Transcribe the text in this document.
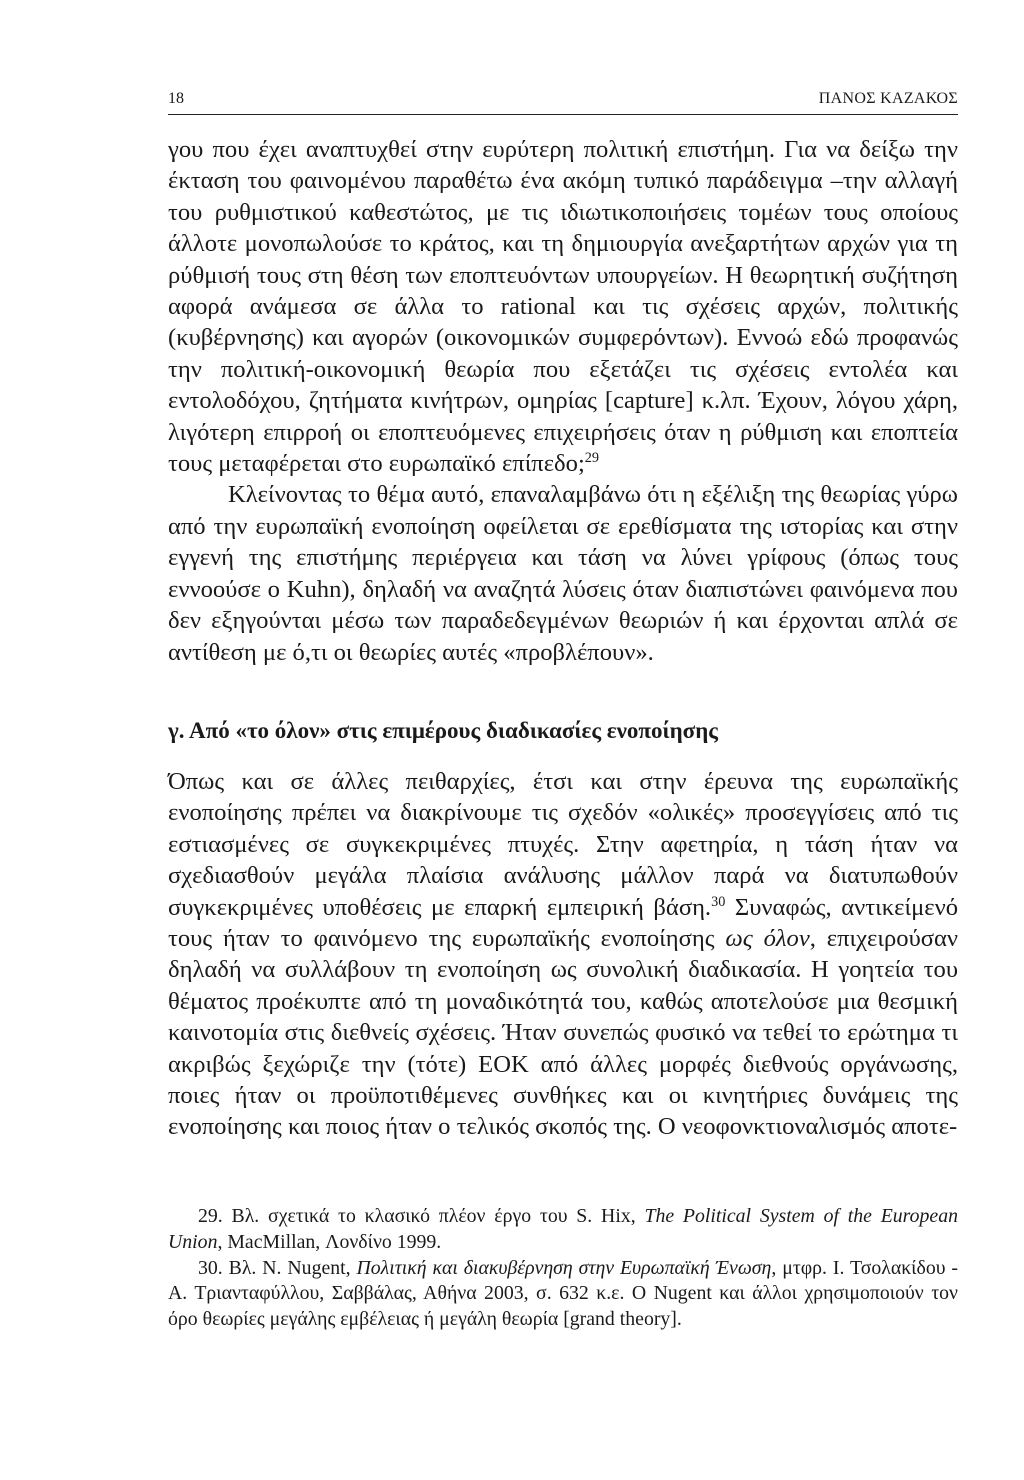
18	ΠΑΝΟΣ ΚΑΖΑΚΟΣ

γου που έχει αναπτυχθεί στην ευρύτερη πολιτική επιστήμη. Για να δείξω την έκταση του φαινομένου παραθέτω ένα ακόμη τυπικό παράδειγμα –την αλλαγή του ρυθμιστικού καθεστώτος, με τις ιδιωτικοποιήσεις τομέων τους οποίους άλλοτε μονοπωλούσε το κράτος, και τη δημιουργία ανεξαρτήτων αρχών για τη ρύθμισή τους στη θέση των εποπτευόντων υπουργείων. Η θεωρητική συζήτηση αφορά ανάμεσα σε άλλα το rational και τις σχέσεις αρχών, πολιτικής (κυβέρνησης) και αγορών (οικονομικών συμφερόντων). Εννοώ εδώ προφανώς την πολιτική-οικονομική θεωρία που εξετάζει τις σχέσεις εντολέα και εντολοδόχου, ζητήματα κινήτρων, ομηρίας [capture] κ.λπ. Έχουν, λόγου χάρη, λιγότερη επιρροή οι εποπτευόμενες επιχειρήσεις όταν η ρύθμιση και εποπτεία τους μεταφέρεται στο ευρωπαϊκό επίπεδο;$^{29}$

Κλείνοντας το θέμα αυτό, επαναλαμβάνω ότι η εξέλιξη της θεωρίας γύρω από την ευρωπαϊκή ενοποίηση οφείλεται σε ερεθίσματα της ιστορίας και στην εγγενή της επιστήμης περιέργεια και τάση να λύνει γρίφους (όπως τους εννοούσε ο Kuhn), δηλαδή να αναζητά λύσεις όταν διαπιστώνει φαινόμενα που δεν εξηγούνται μέσω των παραδεδεγμένων θεωριών ή και έρχονται απλά σε αντίθεση με ό,τι οι θεωρίες αυτές «προβλέπουν».

γ. Από «το όλον» στις επιμέρους διαδικασίες ενοποίησης

Όπως και σε άλλες πειθαρχίες, έτσι και στην έρευνα της ευρωπαϊκής ενοποίησης πρέπει να διακρίνουμε τις σχεδόν «ολικές» προσεγγίσεις από τις εστιασμένες σε συγκεκριμένες πτυχές. Στην αφετηρία, η τάση ήταν να σχεδιασθούν μεγάλα πλαίσια ανάλυσης μάλλον παρά να διατυπωθούν συγκεκριμένες υποθέσεις με επαρκή εμπειρική βάση.$^{30}$ Συναφώς, αντικείμενό τους ήταν το φαινόμενο της ευρωπαϊκής ενοποίησης ως όλον, επιχειρούσαν δηλαδή να συλλάβουν τη ενοποίηση ως συνολική διαδικασία. Η γοητεία του θέματος προέκυπτε από τη μοναδικότητά του, καθώς αποτελούσε μια θεσμική καινοτομία στις διεθνείς σχέσεις. Ήταν συνεπώς φυσικό να τεθεί το ερώτημα τι ακριβώς ξεχώριζε την (τότε) ΕΟΚ από άλλες μορφές διεθνούς οργάνωσης, ποιες ήταν οι προϋποτιθέμενες συνθήκες και οι κινητήριες δυνάμεις της ενοποίησης και ποιος ήταν ο τελικός σκοπός της. Ο νεοφονκτιοναλισμός αποτε-

29. Βλ. σχετικά το κλασικό πλέον έργο του S. Hix, The Political System of the European Union, MacMillan, Λονδίνο 1999.

30. Βλ. N. Nugent, Πολιτική και διακυβέρνηση στην Ευρωπαϊκή Ένωση, μτφρ. Ι. Τσολακίδου - Α. Τριανταφύλλου, Σαββάλας, Αθήνα 2003, σ. 632 κ.ε. Ο Nugent και άλλοι χρησιμοποιούν τον όρο θεωρίες μεγάλης εμβέλειας ή μεγάλη θεωρία [grand theory].
